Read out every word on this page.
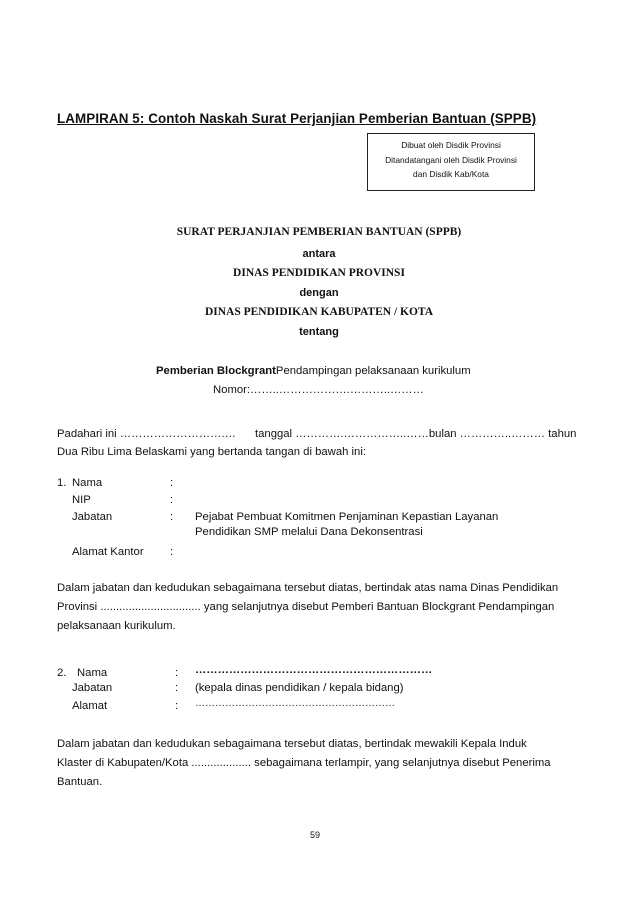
LAMPIRAN 5: Contoh Naskah Surat Perjanjian Pemberian Bantuan (SPPB)
Dibuat oleh Disdik Provinsi
Ditandatangani oleh Disdik Provinsi
dan Disdik Kab/Kota
SURAT PERJANJIAN PEMBERIAN BANTUAN (SPPB)
antara
DINAS PENDIDIKAN PROVINSI
dengan
DINAS PENDIDIKAN KABUPATEN / KOTA
tentang
Pemberian BlockgrantPendampingan pelaksanaan kurikulum
Nomor:……..……………….………..………
Padahari ini ……………………….… tanggal ………….……………..……bulan …………..……… tahun
Dua Ribu Lima Belaskami yang bertanda tangan di bawah ini:
1. Nama	:
NIP	:
Jabatan	: Pejabat Pembuat Komitmen Penjaminan Kepastian Layanan
Pendidikan SMP melalui Dana Dekonsentrasi
Alamat Kantor :
Dalam jabatan dan kedudukan sebagaimana tersebut diatas, bertindak atas nama Dinas Pendidikan
Provinsi ................................ yang selanjutnya disebut Pemberi Bantuan Blockgrant Pendampingan
pelaksanaan kurikulum.
2. Nama	: ………………………………………………………
Jabatan	: (kepala dinas pendidikan / kepala bidang)
Alamat	: ……………………………………………………
Dalam jabatan dan kedudukan sebagaimana tersebut diatas, bertindak mewakili Kepala Induk
Klaster di Kabupaten/Kota ................... sebagaimana terlampir, yang selanjutnya disebut Penerima
Bantuan.
59
